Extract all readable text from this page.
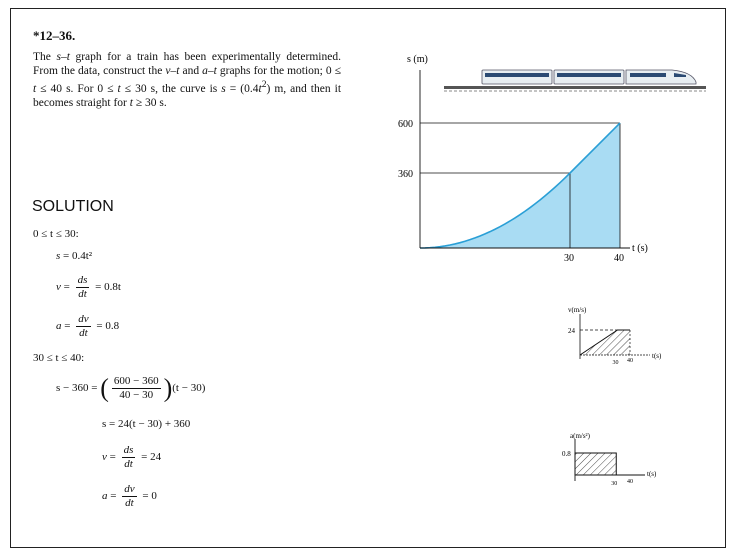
*12–36.
The s–t graph for a train has been experimentally determined. From the data, construct the v–t and a–t graphs for the motion; 0 ≤ t ≤ 40 s. For 0 ≤ t ≤ 30 s, the curve is $s = (0.4t^2)$ m, and then it becomes straight for t ≥ 30 s.
SOLUTION
0 ≤ t ≤ 30:
s = 0.4t²
$v = \frac{ds}{dt} = 0.8t$
$a = \frac{dv}{dt} = 0.8$
30 ≤ t ≤ 40:
s − 360 = ( $\frac{600 - 360}{40 - 30} )(t - 30)$
s = 24(t − 30) + 360
$v = \frac{ds}{dt} = 24$
$a = \frac{dv}{dt} = 0$
s (m)
t (s)
600
360
30	40
v(m/s)
t(s)
24
30 40
a(m/s²)
t(s)
0.8
30 40
